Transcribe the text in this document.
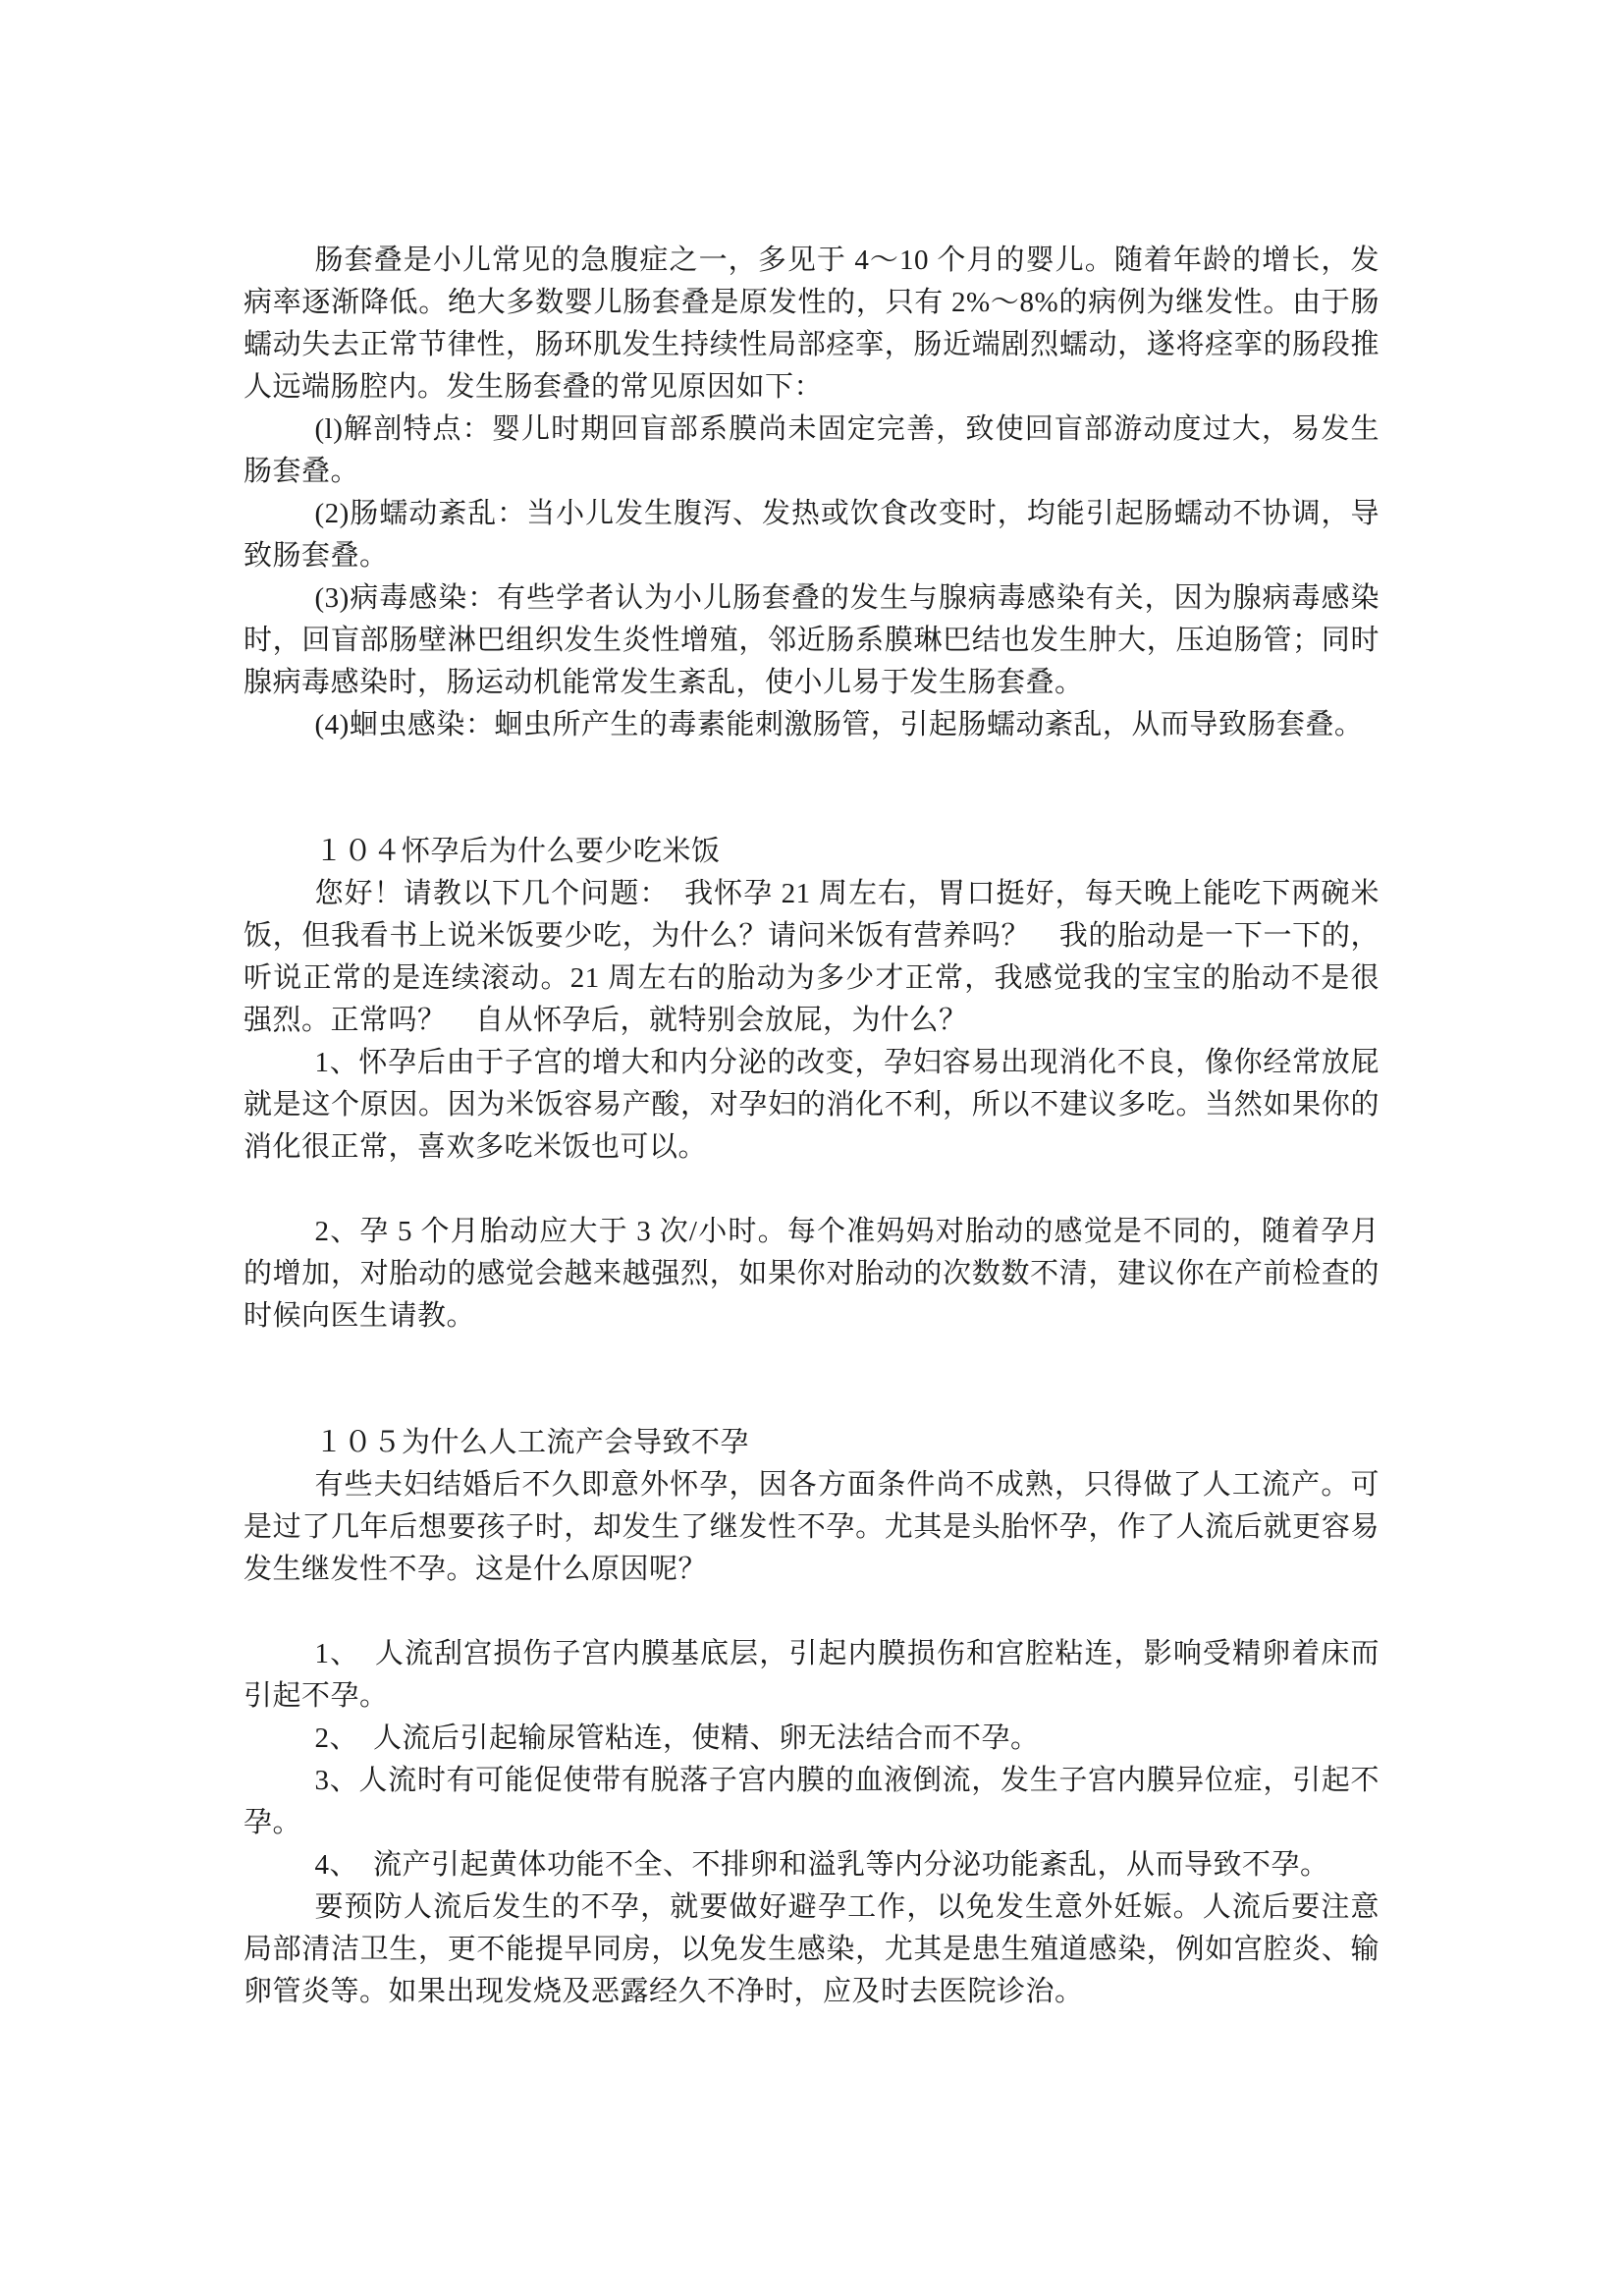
肠套叠是小儿常见的急腹症之一，多见于 4～10 个月的婴儿。随着年龄的增长，发病率逐渐降低。绝大多数婴儿肠套叠是原发性的，只有 2%～8%的病例为继发性。由于肠蠕动失去正常节律性，肠环肌发生持续性局部痉挛，肠近端剧烈蠕动，遂将痉挛的肠段推人远端肠腔内。发生肠套叠的常见原因如下：

(l)解剖特点：婴儿时期回盲部系膜尚未固定完善，致使回盲部游动度过大，易发生肠套叠。

(2)肠蠕动紊乱：当小儿发生腹泻、发热或饮食改变时，均能引起肠蠕动不协调，导致肠套叠。

(3)病毒感染：有些学者认为小儿肠套叠的发生与腺病毒感染有关，因为腺病毒感染时，回盲部肠壁淋巴组织发生炎性增殖，邻近肠系膜琳巴结也发生肿大，压迫肠管；同时腺病毒感染时，肠运动机能常发生紊乱，使小儿易于发生肠套叠。

(4)蛔虫感染：蛔虫所产生的毒素能刺激肠管，引起肠蠕动紊乱，从而导致肠套叠。

１０４怀孕后为什么要少吃米饭

您好！请教以下几个问题：　我怀孕 21 周左右，胃口挺好，每天晚上能吃下两碗米饭，但我看书上说米饭要少吃，为什么？请问米饭有营养吗？　我的胎动是一下一下的，听说正常的是连续滚动。21 周左右的胎动为多少才正常，我感觉我的宝宝的胎动不是很强烈。正常吗？　自从怀孕后，就特别会放屁，为什么？

1、怀孕后由于子宫的增大和内分泌的改变，孕妇容易出现消化不良，像你经常放屁就是这个原因。因为米饭容易产酸，对孕妇的消化不利，所以不建议多吃。当然如果你的消化很正常，喜欢多吃米饭也可以。

2、孕 5 个月胎动应大于 3 次/小时。每个准妈妈对胎动的感觉是不同的，随着孕月的增加，对胎动的感觉会越来越强烈，如果你对胎动的次数数不清，建议你在产前检查的时候向医生请教。

１０５为什么人工流产会导致不孕

有些夫妇结婚后不久即意外怀孕，因各方面条件尚不成熟，只得做了人工流产。可是过了几年后想要孩子时，却发生了继发性不孕。尤其是头胎怀孕，作了人流后就更容易发生继发性不孕。这是什么原因呢？

1、　人流刮宫损伤子宫内膜基底层，引起内膜损伤和宫腔粘连，影响受精卵着床而引起不孕。

2、　人流后引起输尿管粘连，使精、卵无法结合而不孕。

3、人流时有可能促使带有脱落子宫内膜的血液倒流，发生子宫内膜异位症，引起不孕。

4、　流产引起黄体功能不全、不排卵和溢乳等内分泌功能紊乱，从而导致不孕。

要预防人流后发生的不孕，就要做好避孕工作，以免发生意外妊娠。人流后要注意局部清洁卫生，更不能提早同房，以免发生感染，尤其是患生殖道感染，例如宫腔炎、输卵管炎等。如果出现发烧及恶露经久不净时，应及时去医院诊治。
